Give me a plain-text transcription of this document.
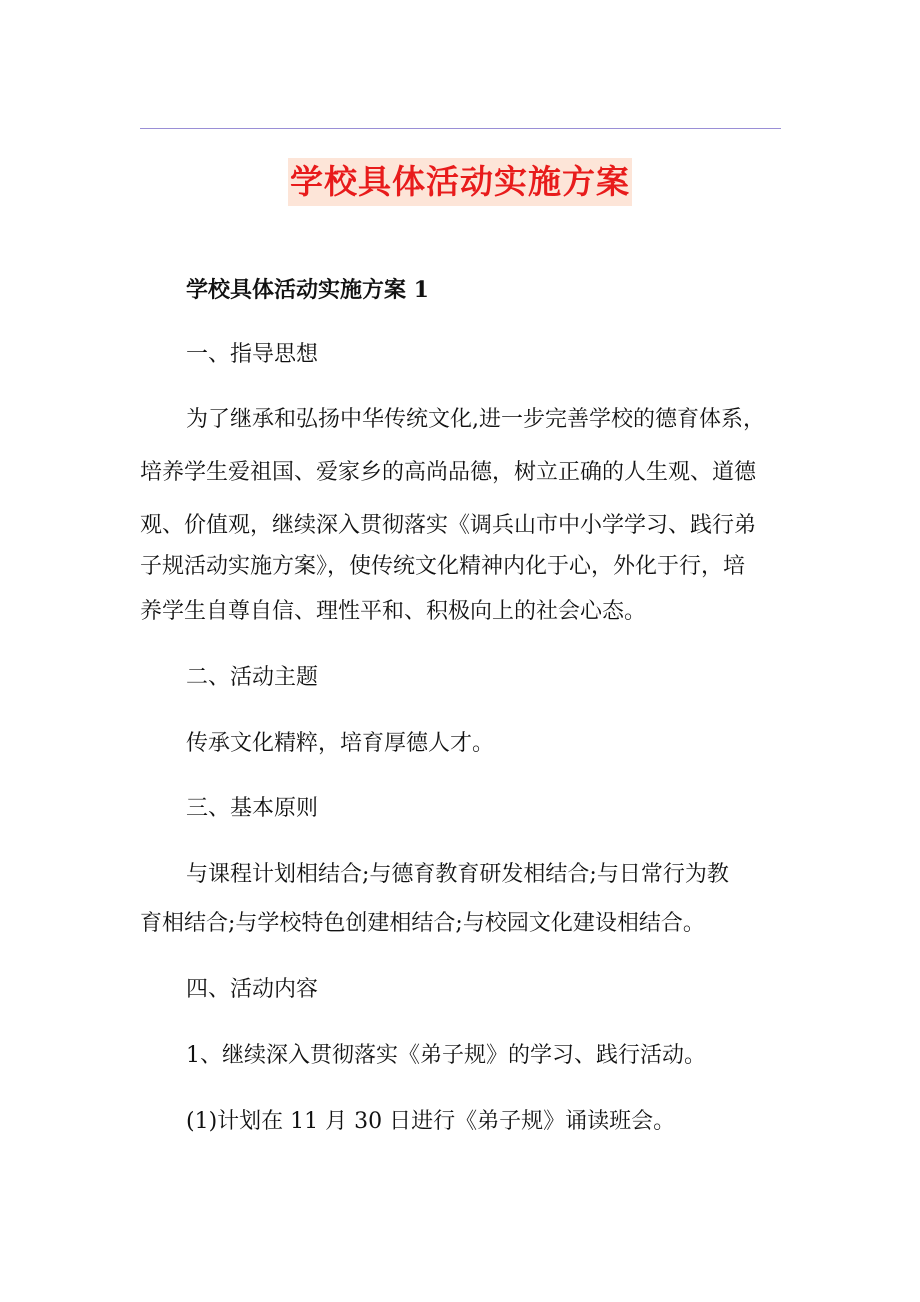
学校具体活动实施方案
学校具体活动实施方案 1
一、指导思想
为了继承和弘扬中华传统文化,进一步完善学校的德育体系，
培养学生爱祖国、爱家乡的高尚品德，树立正确的人生观、道德
观、价值观，继续深入贯彻落实《调兵山市中小学学习、践行弟
子规活动实施方案》，使传统文化精神内化于心，外化于行，培
养学生自尊自信、理性平和、积极向上的社会心态。
二、活动主题
传承文化精粹，培育厚德人才。
三、基本原则
与课程计划相结合;与德育教育研发相结合;与日常行为教
育相结合;与学校特色创建相结合;与校园文化建设相结合。
四、活动内容
1、继续深入贯彻落实《弟子规》的学习、践行活动。
(1)计划在 11 月 30 日进行《弟子规》诵读班会。
